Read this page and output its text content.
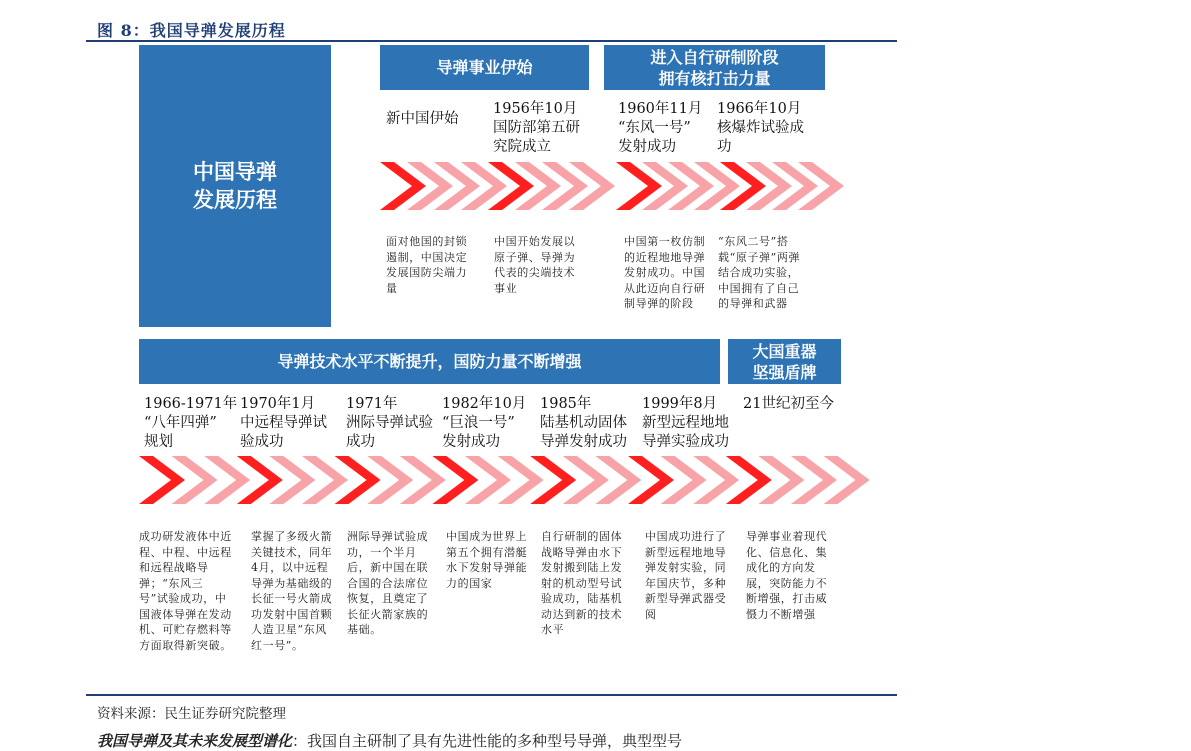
图 8：我国导弹发展历程
中国导弹
发展历程
导弹事业伊始
进入自行研制阶段
拥有核打击力量
新中国伊始
1956年10月
国防部第五研
究院成立
1960年11月
“东风一号”
发射成功
1966年10月
核爆炸试验成
功
面对他国的封锁遏制，中国决定发展国防尖端力量
中国开始发展以原子弹、导弹为代表的尖端技术事业
中国第一枚仿制的近程地地导弹发射成功。中国从此迈向自行研制导弹的阶段
“东风二号”搭载“原子弹”两弹结合成功实验，中国拥有了自己的导弹和武器
导弹技术水平不断提升，国防力量不断增强
大国重器
坚强盾牌
1966-1971年
“八年四弹”
规划
1970年1月
中远程导弹试
验成功
1971年
洲际导弹试验
成功
1982年10月
“巨浪一号”
发射成功
1985年
陆基机动固体
导弹发射成功
1999年8月
新型远程地地
导弹实验成功
21世纪初至今
成功研发液体中近程、中程、中远程和远程战略导弹；“东风三号”试验成功，中国液体导弹在发动机、可贮存燃料等方面取得新突破。
掌握了多级火箭关键技术，同年4月，以中远程导弹为基础级的长征一号火箭成功发射中国首颗人造卫星“东风红一号”。
洲际导弹试验成功，一个半月后，新中国在联合国的合法席位恢复，且奠定了长征火箭家族的基础。
中国成为世界上第五个拥有潜艇水下发射导弹能力的国家
自行研制的固体战略导弹由水下发射搬到陆上发射的机动型号试验成功，陆基机动达到新的技术水平
中国成功进行了新型远程地地导弹发射实验，同年国庆节，多种新型导弹武器受阅
导弹事业着现代化、信息化、集成化的方向发展，突防能力不断增强，打击威慑力不断增强
资料来源：民生证券研究院整理
我国导弹及其未来发展型谱化：我国自主研制了具有先进性能的多种型号导弹，典型型号
